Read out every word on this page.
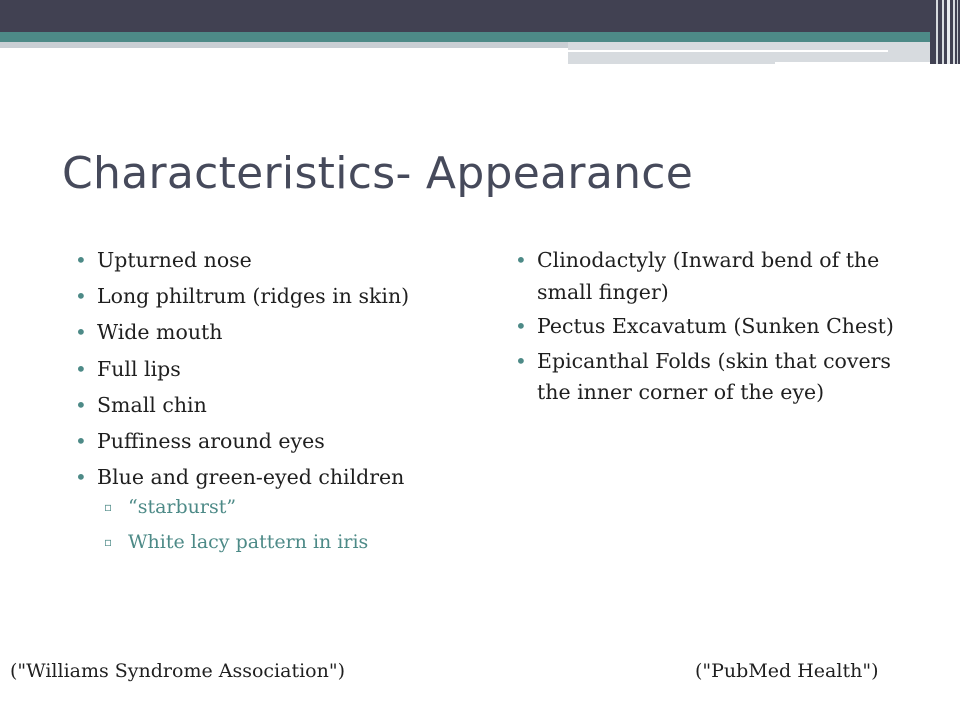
Characteristics- Appearance
• Upturned nose
• Long philtrum (ridges in skin)
• Wide mouth
• Full lips
• Small chin
• Puffiness around eyes
• Blue and green-eyed children
▫ “starburst”
▫ White lacy pattern in iris
• Clinodactyly (Inward bend of the small finger)
• Pectus Excavatum (Sunken Chest)
• Epicanthal Folds (skin that covers the inner corner of the eye)

("Williams Syndrome Association")	("PubMed Health")
